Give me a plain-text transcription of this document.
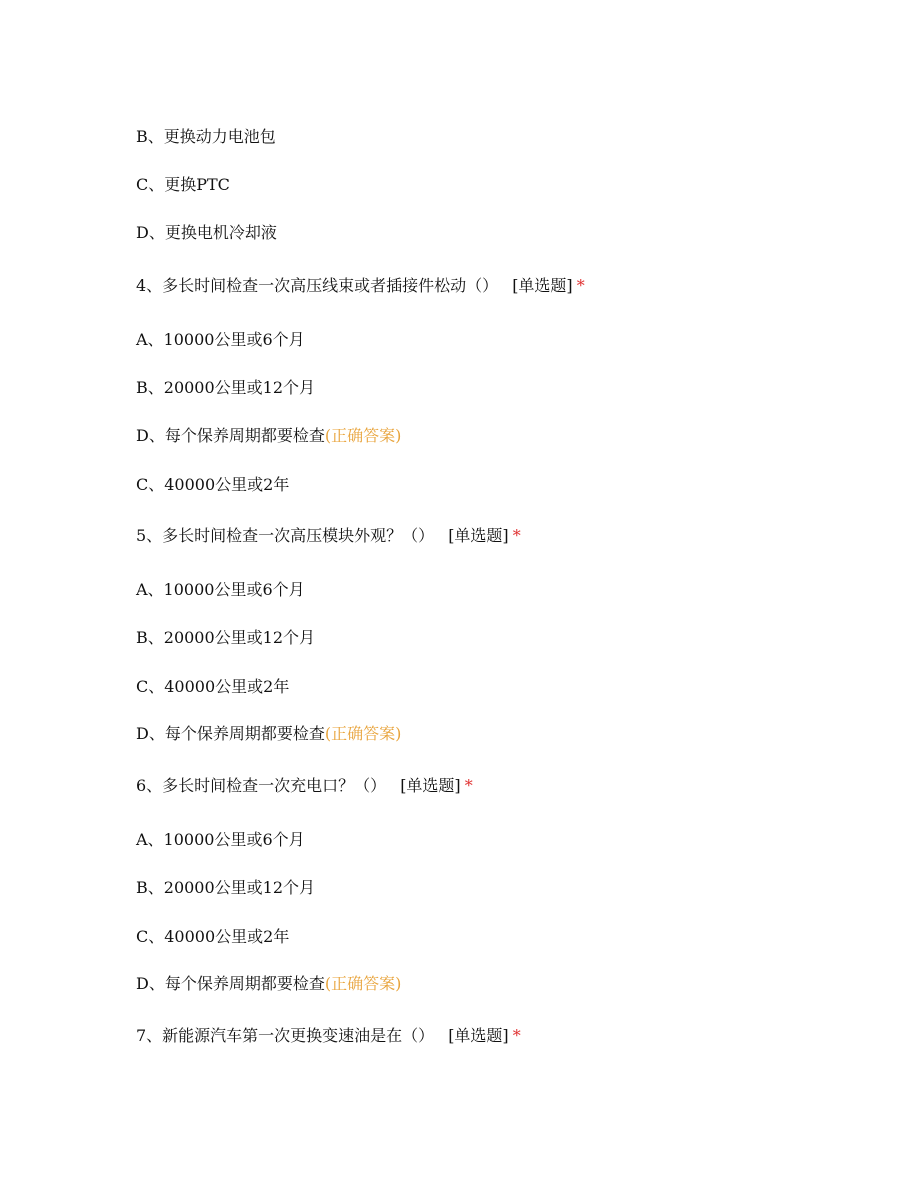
B、更换动力电池包
C、更换PTC
D、更换电机冷却液
4、多长时间检查一次高压线束或者插接件松动（） [单选题] *
A、10000公里或6个月
B、20000公里或12个月
D、每个保养周期都要检查(正确答案)
C、40000公里或2年
5、多长时间检查一次高压模块外观？（） [单选题] *
A、10000公里或6个月
B、20000公里或12个月
C、40000公里或2年
D、每个保养周期都要检查(正确答案)
6、多长时间检查一次充电口？（） [单选题] *
A、10000公里或6个月
B、20000公里或12个月
C、40000公里或2年
D、每个保养周期都要检查(正确答案)
7、新能源汽车第一次更换变速油是在（） [单选题] *
